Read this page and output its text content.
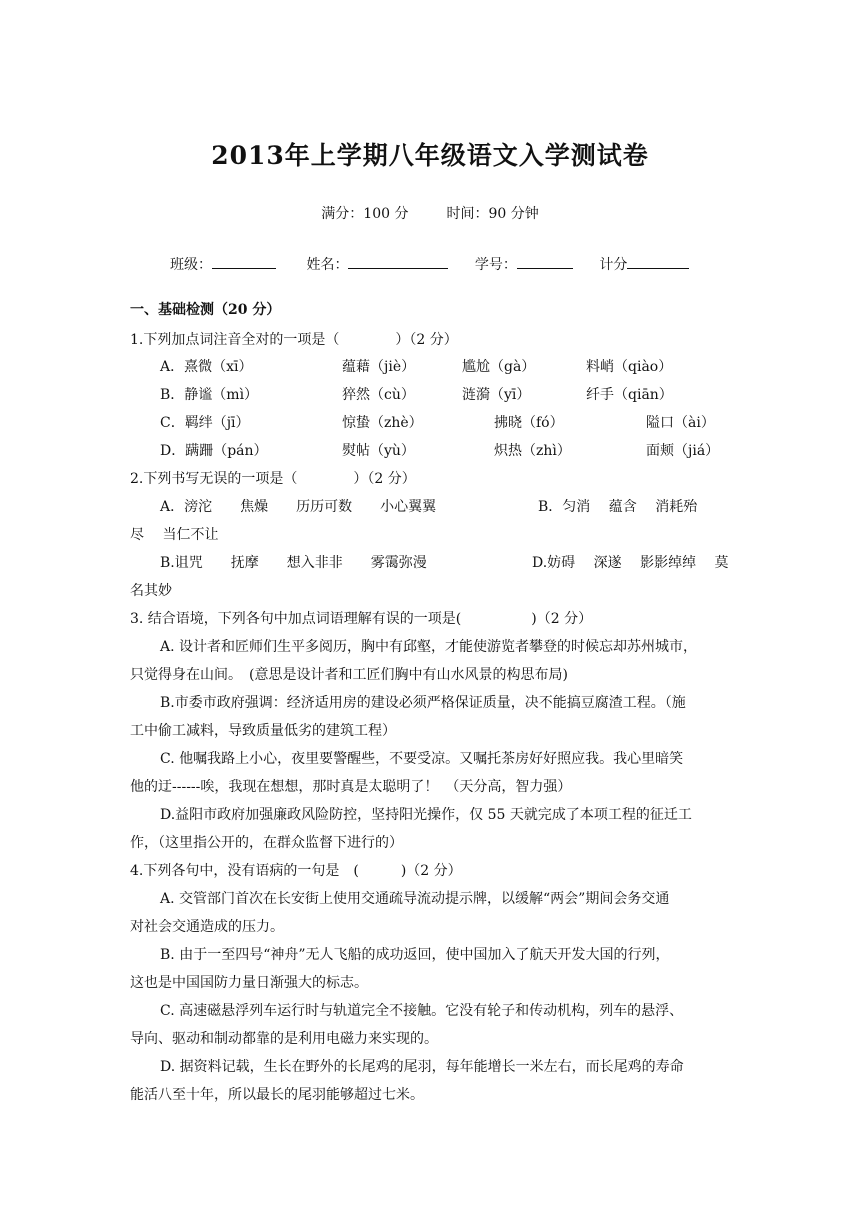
2013年上学期八年级语文入学测试卷
满分：100 分	时间：90 分钟
班级：	姓名：	学号：	计分
一、基础检测（20 分）
1.下列加点词注音全对的一项是（　　　　）（2 分）
A．熹微（xī）	蕴藉（jiè）	尴尬（gà）	料峭（qiào）
B．静谧（mì）	猝然（cù）	涟漪（yī）	纤手（qiān）
C．羁绊（jī）	惊蛰（zhè）	拂晓（fó）	隘口（ài）
D．蹒跚（pán）	熨帖（yù）	炽热（zhì）	面颊（jiá）
2.下列书写无误的一项是（　　　　）（2 分）
A．滂沱　　焦燥　　历历可数　　小心翼翼	B．匀消　 蕴含　 消耗殆
尽　 当仁不让
B.诅咒　　抚摩　　想入非非　　雾霭弥漫	D.妨碍　 深遂　 影影绰绰　 莫
名其妙
3. 结合语境，下列各句中加点词语理解有误的一项是(　　　　　)（2 分）
A. 设计者和匠师们生平多阅历，胸中有邱壑，才能使游览者攀登的时候忘却苏州城市，
只觉得身在山间。　(意思是设计者和工匠们胸中有山水风景的构思布局)
B.市委市政府强调：经济适用房的建设必须严格保证质量，决不能搞豆腐渣工程。（施
工中偷工减料，导致质量低劣的建筑工程）
C. 他嘱我路上小心，夜里要警醒些，不要受凉。又嘱托茶房好好照应我。我心里暗笑
他的迂------唉，我现在想想，那时真是太聪明了！　（天分高，智力强）
D.益阳市政府加强廉政风险防控，坚持阳光操作，仅 55 天就完成了本项工程的征迁工
作，（这里指公开的，在群众监督下进行的）
4.下列各句中，没有语病的一句是　(　　　)（2 分）
A. 交管部门首次在长安街上使用交通疏导流动提示牌，以缓解“两会”期间会务交通
对社会交通造成的压力。
B. 由于一至四号“神舟”无人飞船的成功返回，使中国加入了航天开发大国的行列，
这也是中国国防力量日渐强大的标志。
C. 高速磁悬浮列车运行时与轨道完全不接触。它没有轮子和传动机构，列车的悬浮、
导向、驱动和制动都靠的是利用电磁力来实现的。
D. 据资料记载，生长在野外的长尾鸡的尾羽，每年能增长一米左右，而长尾鸡的寿命
能活八至十年，所以最长的尾羽能够超过七米。
